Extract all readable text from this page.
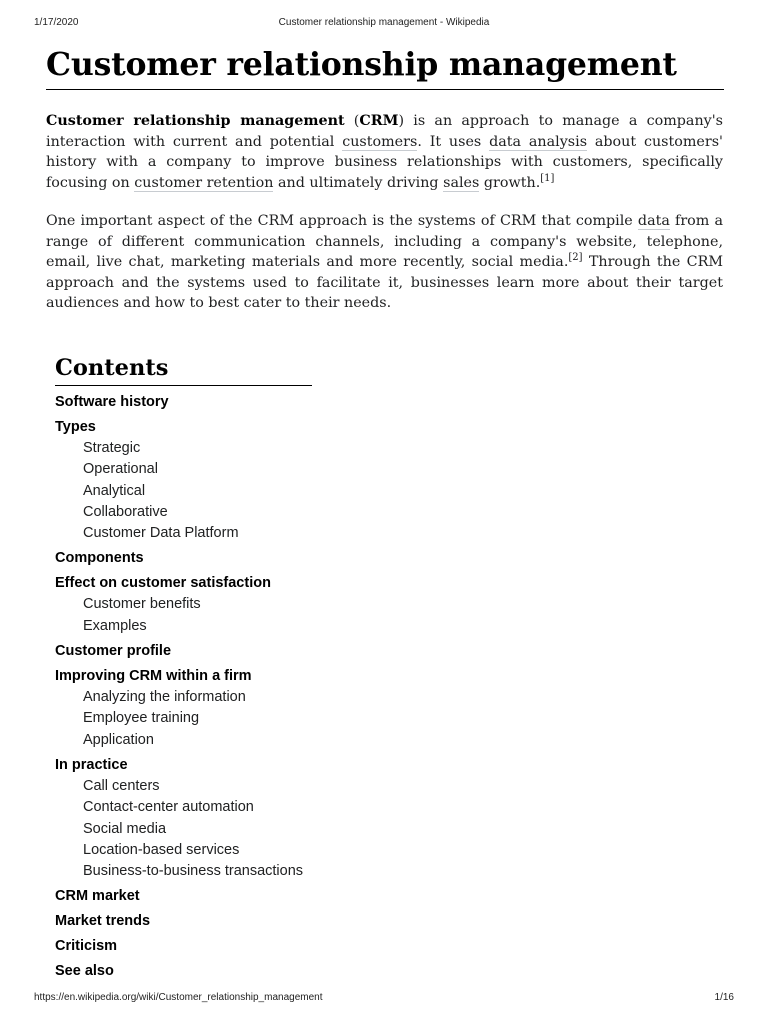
1/17/2020	Customer relationship management - Wikipedia
Customer relationship management

Customer relationship management (CRM) is an approach to manage a company's interaction with current and potential customers. It uses data analysis about customers' history with a company to improve business relationships with customers, specifically focusing on customer retention and ultimately driving sales growth.[1]

One important aspect of the CRM approach is the systems of CRM that compile data from a range of different communication channels, including a company's website, telephone, email, live chat, marketing materials and more recently, social media.[2] Through the CRM approach and the systems used to facilitate it, businesses learn more about their target audiences and how to best cater to their needs.

Contents
Software history
Types
Strategic
Operational
Analytical
Collaborative
Customer Data Platform
Components
Effect on customer satisfaction
Customer benefits
Examples
Customer profile
Improving CRM within a firm
Analyzing the information
Employee training
Application
In practice
Call centers
Contact-center automation
Social media
Location-based services
Business-to-business transactions
CRM market
Market trends
Criticism
See also
https://en.wikipedia.org/wiki/Customer_relationship_management	1/16
